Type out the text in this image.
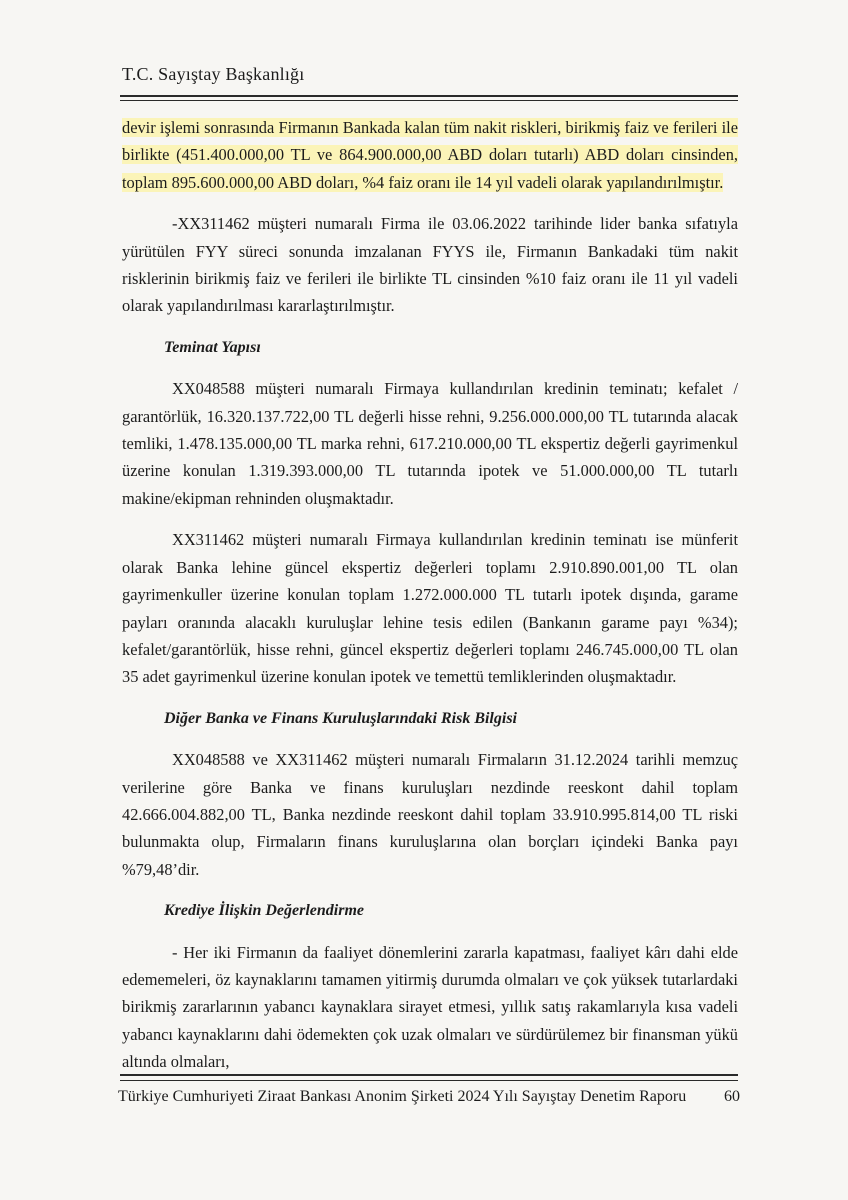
T.C. Sayıştay Başkanlığı

devir işlemi sonrasında Firmanın Bankada kalan tüm nakit riskleri, birikmiş faiz ve ferileri ile birlikte (451.400.000,00 TL ve 864.900.000,00 ABD doları tutarlı) ABD doları cinsinden, toplam 895.600.000,00 ABD doları, %4 faiz oranı ile 14 yıl vadeli olarak yapılandırılmıştır.

-XX311462 müşteri numaralı Firma ile 03.06.2022 tarihinde lider banka sıfatıyla yürütülen FYY süreci sonunda imzalanan FYYS ile, Firmanın Bankadaki tüm nakit risklerinin birikmiş faiz ve ferileri ile birlikte TL cinsinden %10 faiz oranı ile 11 yıl vadeli olarak yapılandırılması kararlaştırılmıştır.

Teminat Yapısı

XX048588 müşteri numaralı Firmaya kullandırılan kredinin teminatı; kefalet / garantörlük, 16.320.137.722,00 TL değerli hisse rehni, 9.256.000.000,00 TL tutarında alacak temliki, 1.478.135.000,00 TL marka rehni, 617.210.000,00 TL ekspertiz değerli gayrimenkul üzerine konulan 1.319.393.000,00 TL tutarında ipotek ve 51.000.000,00 TL tutarlı makine/ekipman rehninden oluşmaktadır.

XX311462 müşteri numaralı Firmaya kullandırılan kredinin teminatı ise münferit olarak Banka lehine güncel ekspertiz değerleri toplamı 2.910.890.001,00 TL olan gayrimenkuller üzerine konulan toplam 1.272.000.000 TL tutarlı ipotek dışında, garame payları oranında alacaklı kuruluşlar lehine tesis edilen (Bankanın garame payı %34); kefalet/garantörlük, hisse rehni, güncel ekspertiz değerleri toplamı 246.745.000,00 TL olan 35 adet gayrimenkul üzerine konulan ipotek ve temettü temliklerinden oluşmaktadır.

Diğer Banka ve Finans Kuruluşlarındaki Risk Bilgisi

XX048588 ve XX311462 müşteri numaralı Firmaların 31.12.2024 tarihli memzuç verilerine göre Banka ve finans kuruluşları nezdinde reeskont dahil toplam 42.666.004.882,00 TL, Banka nezdinde reeskont dahil toplam 33.910.995.814,00 TL riski bulunmakta olup, Firmaların finans kuruluşlarına olan borçları içindeki Banka payı %79,48’dir.

Krediye İlişkin Değerlendirme

- Her iki Firmanın da faaliyet dönemlerini zararla kapatması, faaliyet kârı dahi elde edememeleri, öz kaynaklarını tamamen yitirmiş durumda olmaları ve çok yüksek tutarlardaki birikmiş zararlarının yabancı kaynaklara sirayet etmesi, yıllık satış rakamlarıyla kısa vadeli yabancı kaynaklarını dahi ödemekten çok uzak olmaları ve sürdürülemez bir finansman yükü altında olmaları,

Türkiye Cumhuriyeti Ziraat Bankası Anonim Şirketi 2024 Yılı Sayıştay Denetim Raporu 60
